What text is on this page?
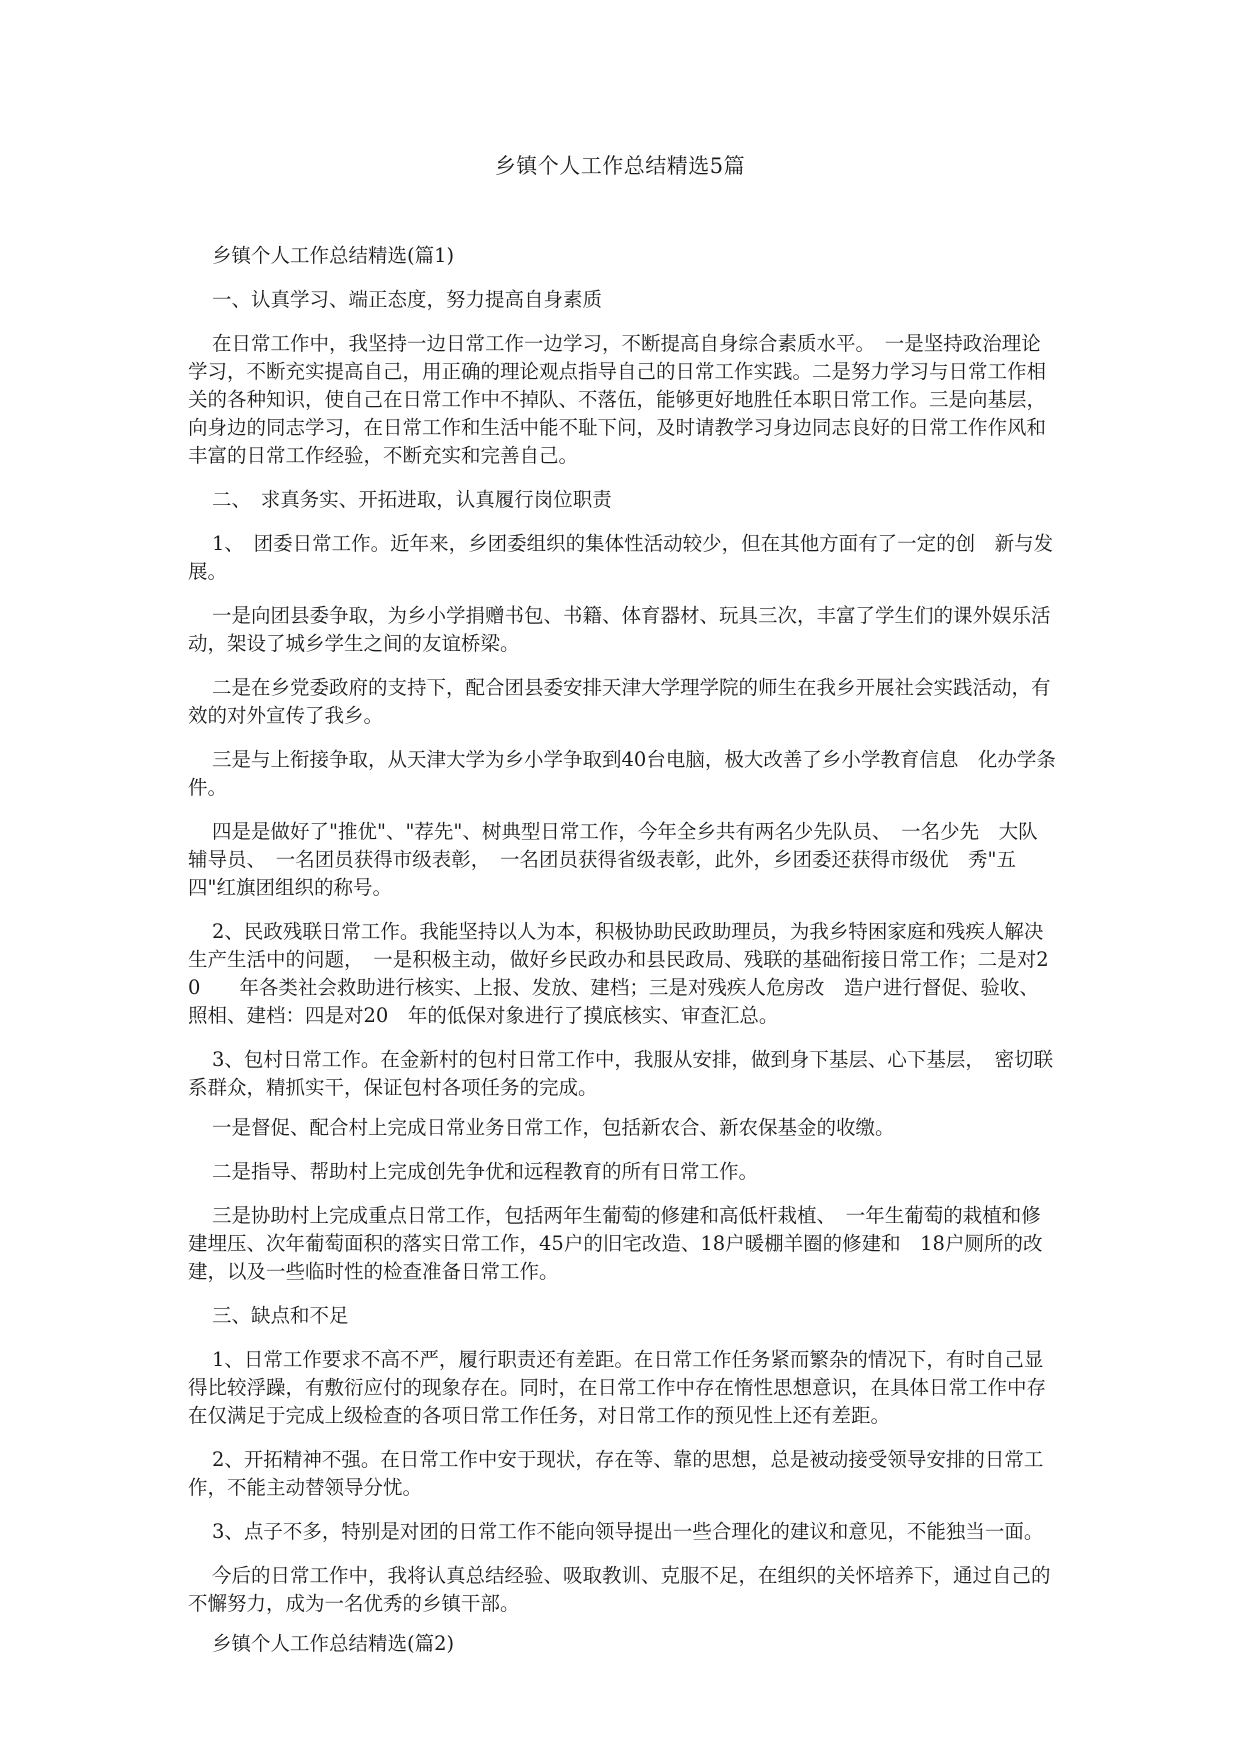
乡镇个人工作总结精选5篇

乡镇个人工作总结精选(篇1)

一、认真学习、端正态度，努力提高自身素质

在日常工作中，我坚持一边日常工作一边学习，不断提高自身综合素质水平。　一是坚持政治理论学习，不断充实提高自己，用正确的理论观点指导自己的日常工作实践。二是努力学习与日常工作相关的各种知识，使自己在日常工作中不掉队、不落伍，能够更好地胜任本职日常工作。三是向基层，向身边的同志学习，在日常工作和生活中能不耻下问，及时请教学习身边同志良好的日常工作作风和丰富的日常工作经验，不断充实和完善自己。

二、　求真务实、开拓进取，认真履行岗位职责

1、　团委日常工作。近年来，乡团委组织的集体性活动较少，但在其他方面有了一定的创　新与发展。

一是向团县委争取，为乡小学捐赠书包、书籍、体育器材、玩具三次，丰富了学生们的课外娱乐活动，架设了城乡学生之间的友谊桥梁。

二是在乡党委政府的支持下，配合团县委安排天津大学理学院的师生在我乡开展社会实践活动，有效的对外宣传了我乡。

三是与上衔接争取，从天津大学为乡小学争取到40台电脑，极大改善了乡小学教育信息　化办学条件。

四是是做好了"推优"、"荐先"、树典型日常工作，今年全乡共有两名少先队员、　一名少先　大队辅导员、　一名团员获得市级表彰，　一名团员获得省级表彰，此外，乡团委还获得市级优　秀"五四"红旗团组织的称号。

2、民政残联日常工作。我能坚持以人为本，积极协助民政助理员，为我乡特困家庭和残疾人解决生产生活中的问题，　一是积极主动，做好乡民政办和县民政局、残联的基础衔接日常工作；二是对20　　年各类社会救助进行核实、上报、发放、建档；三是对残疾人危房改　造户进行督促、验收、照相、建档：四是对20　年的低保对象进行了摸底核实、审查汇总。

3、包村日常工作。在金新村的包村日常工作中，我服从安排，做到身下基层、心下基层，　密切联系群众，精抓实干，保证包村各项任务的完成。

一是督促、配合村上完成日常业务日常工作，包括新农合、新农保基金的收缴。

二是指导、帮助村上完成创先争优和远程教育的所有日常工作。

三是协助村上完成重点日常工作，包括两年生葡萄的修建和高低杆栽植、　一年生葡萄的栽植和修建埋压、次年葡萄面积的落实日常工作，45户的旧宅改造、18户暖棚羊圈的修建和　18户厕所的改建，以及一些临时性的检查准备日常工作。

三、缺点和不足

1、日常工作要求不高不严，履行职责还有差距。在日常工作任务紧而繁杂的情况下，有时自己显得比较浮躁，有敷衍应付的现象存在。同时，在日常工作中存在惰性思想意识，在具体日常工作中存在仅满足于完成上级检查的各项日常工作任务，对日常工作的预见性上还有差距。

2、开拓精神不强。在日常工作中安于现状，存在等、靠的思想，总是被动接受领导安排的日常工作，不能主动替领导分忧。

3、点子不多，特别是对团的日常工作不能向领导提出一些合理化的建议和意见，不能独当一面。

今后的日常工作中，我将认真总结经验、吸取教训、克服不足，在组织的关怀培养下，通过自己的不懈努力，成为一名优秀的乡镇干部。

乡镇个人工作总结精选(篇2)
